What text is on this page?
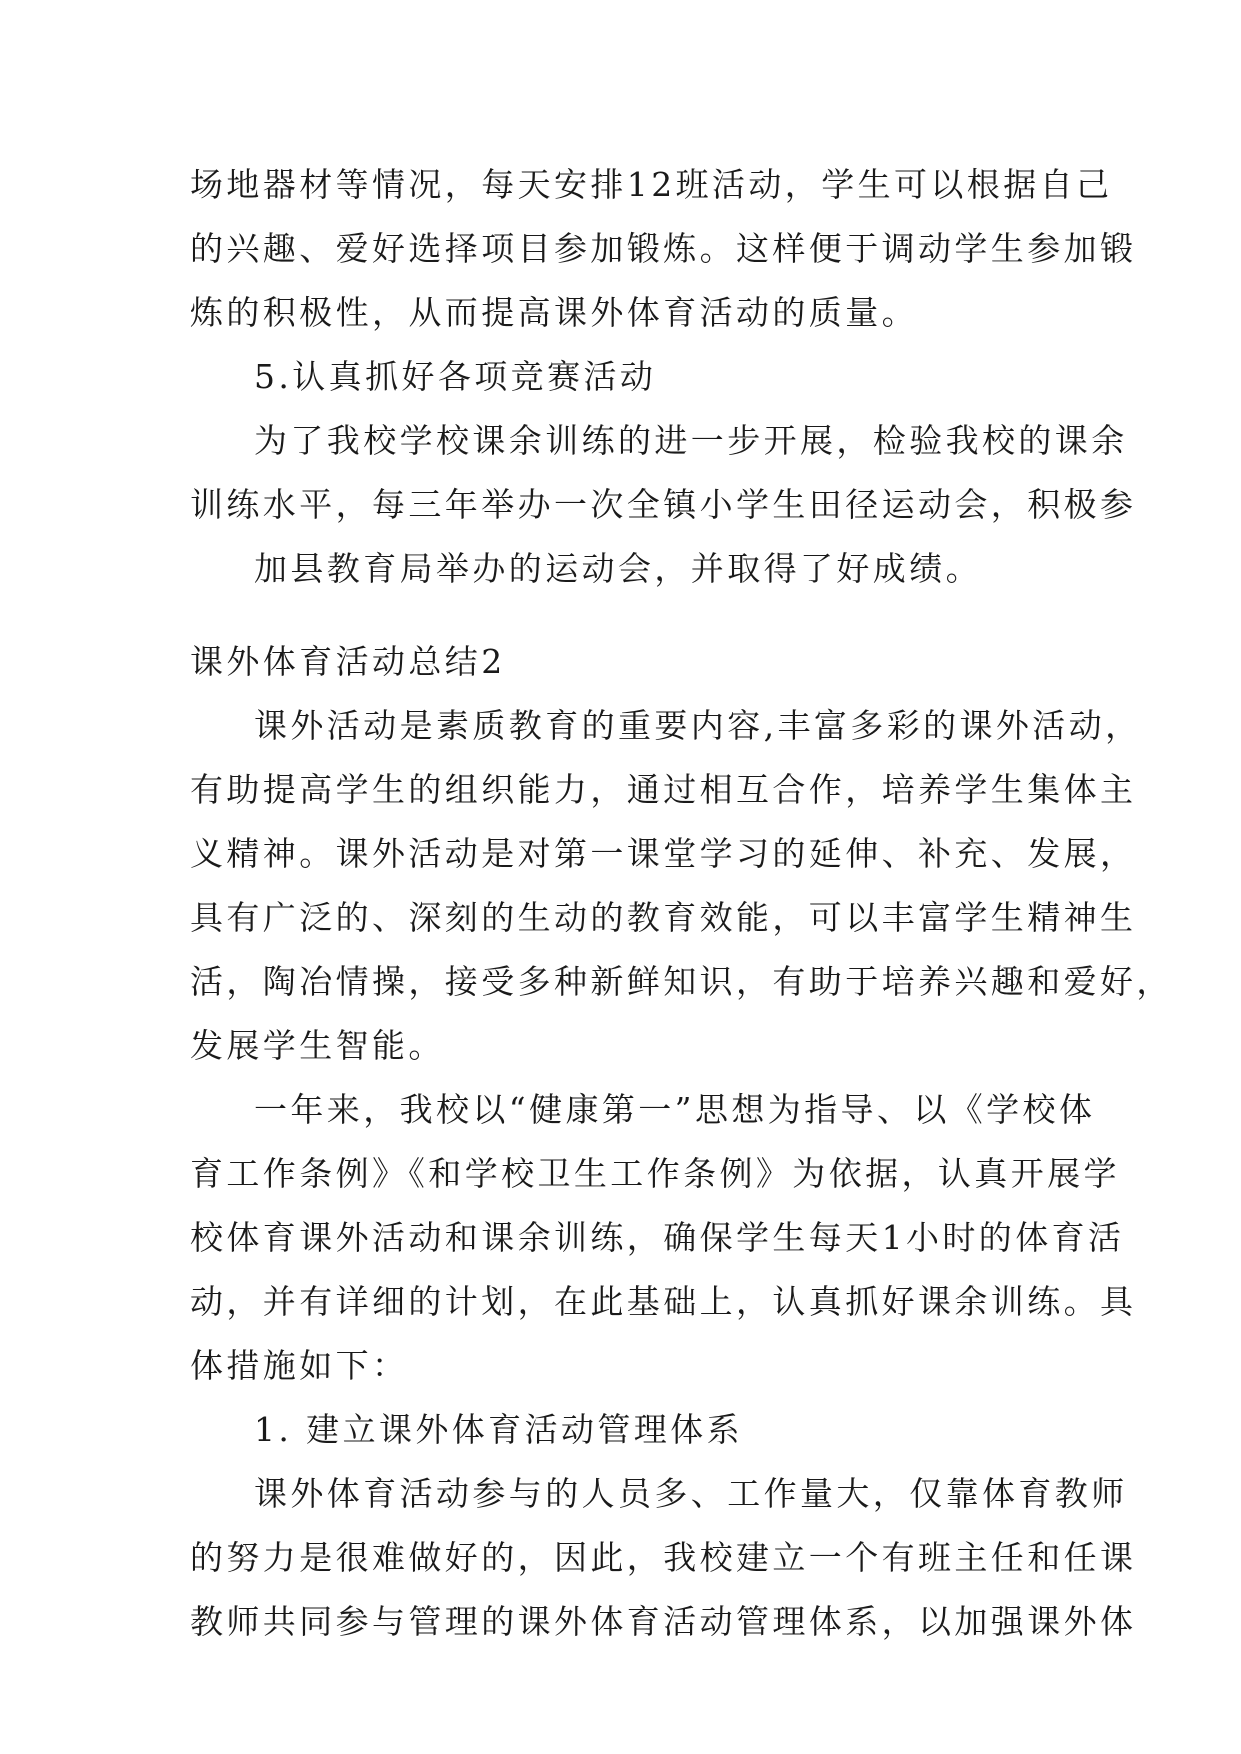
场地器材等情况，每天安排12班活动，学生可以根据自己
的兴趣、爱好选择项目参加锻炼。这样便于调动学生参加锻
炼的积极性，从而提高课外体育活动的质量。
5.认真抓好各项竞赛活动
为了我校学校课余训练的进一步开展，检验我校的课余
训练水平，每三年举办一次全镇小学生田径运动会，积极参
加县教育局举办的运动会，并取得了好成绩。
课外体育活动总结2
课外活动是素质教育的重要内容,丰富多彩的课外活动，
有助提高学生的组织能力，通过相互合作，培养学生集体主
义精神。课外活动是对第一课堂学习的延伸、补充、发展，
具有广泛的、深刻的生动的教育效能，可以丰富学生精神生
活，陶冶情操，接受多种新鲜知识，有助于培养兴趣和爱好，
发展学生智能。
一年来，我校以“健康第一”思想为指导、以《学校体
育工作条例》《和学校卫生工作条例》为依据，认真开展学
校体育课外活动和课余训练，确保学生每天1小时的体育活
动，并有详细的计划，在此基础上，认真抓好课余训练。具
体措施如下：
1. 建立课外体育活动管理体系
课外体育活动参与的人员多、工作量大，仅靠体育教师
的努力是很难做好的，因此，我校建立一个有班主任和任课
教师共同参与管理的课外体育活动管理体系，以加强课外体
